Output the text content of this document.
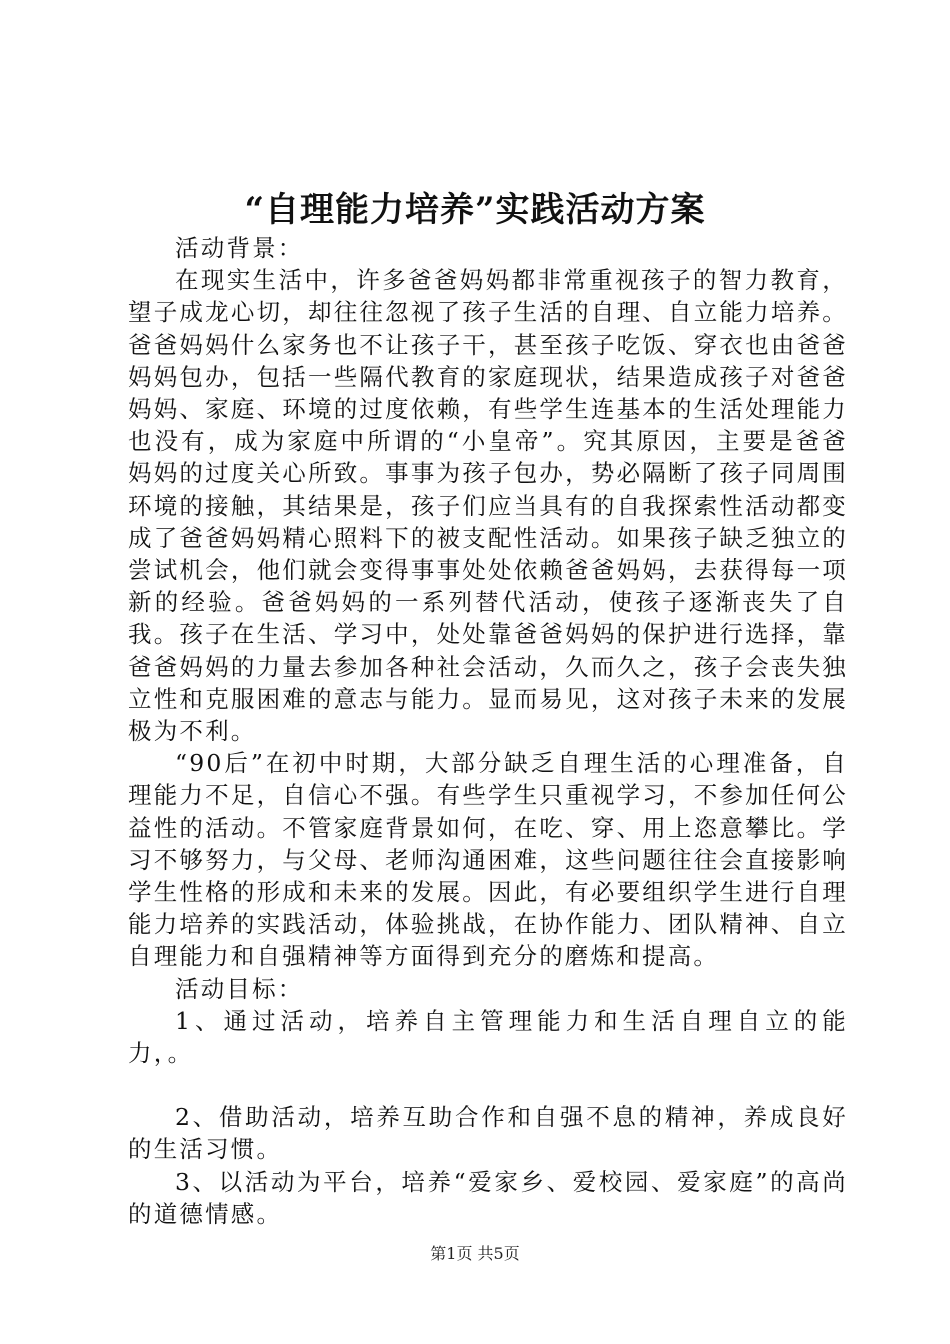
“自理能力培养”实践活动方案

活动背景：

在现实生活中，许多爸爸妈妈都非常重视孩子的智力教育，望子成龙心切，却往往忽视了孩子生活的自理、自立能力培养。爸爸妈妈什么家务也不让孩子干，甚至孩子吃饭、穿衣也由爸爸妈妈包办，包括一些隔代教育的家庭现状，结果造成孩子对爸爸妈妈、家庭、环境的过度依赖，有些学生连基本的生活处理能力也没有，成为家庭中所谓的“小皇帝”。究其原因，主要是爸爸妈妈的过度关心所致。事事为孩子包办，势必隔断了孩子同周围环境的接触，其结果是，孩子们应当具有的自我探索性活动都变成了爸爸妈妈精心照料下的被支配性活动。如果孩子缺乏独立的尝试机会，他们就会变得事事处处依赖爸爸妈妈，去获得每一项新的经验。爸爸妈妈的一系列替代活动，使孩子逐渐丧失了自我。孩子在生活、学习中，处处靠爸爸妈妈的保护进行选择，靠爸爸妈妈的力量去参加各种社会活动，久而久之，孩子会丧失独立性和克服困难的意志与能力。显而易见，这对孩子未来的发展极为不利。

“90后”在初中时期，大部分缺乏自理生活的心理准备，自理能力不足，自信心不强。有些学生只重视学习，不参加任何公益性的活动。不管家庭背景如何，在吃、穿、用上恣意攀比。学习不够努力，与父母、老师沟通困难，这些问题往往会直接影响学生性格的形成和未来的发展。因此，有必要组织学生进行自理能力培养的实践活动，体验挑战，在协作能力、团队精神、自立自理能力和自强精神等方面得到充分的磨炼和提高。

活动目标：

1、通过活动，培养自主管理能力和生活自理自立的能力，。

2、借助活动，培养互助合作和自强不息的精神，养成良好的生活习惯。

3、以活动为平台，培养“爱家乡、爱校园、爱家庭”的高尚的道德情感。

第1页 共5页
